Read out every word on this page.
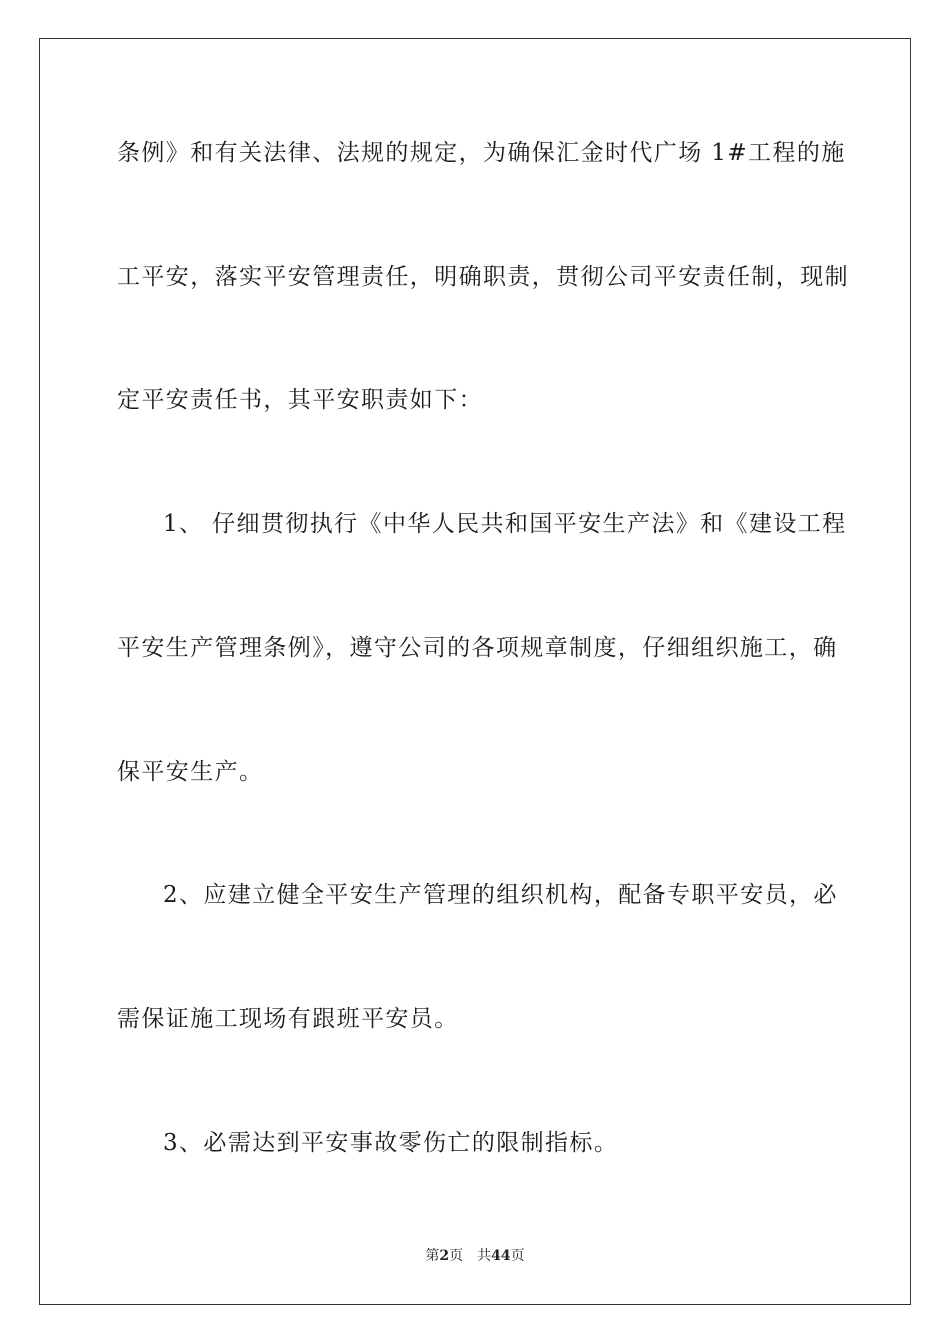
条例》和有关法律、法规的规定，为确保汇金时代广场 1#工程的施
工平安，落实平安管理责任，明确职责，贯彻公司平安责任制，现制
定平安责任书，其平安职责如下：
1、 仔细贯彻执行《中华人民共和国平安生产法》和《建设工程
平安生产管理条例》，遵守公司的各项规章制度，仔细组织施工，确
保平安生产。
2、应建立健全平安生产管理的组织机构，配备专职平安员，必
需保证施工现场有跟班平安员。
3、必需达到平安事故零伤亡的限制指标。
第2页 共44页
